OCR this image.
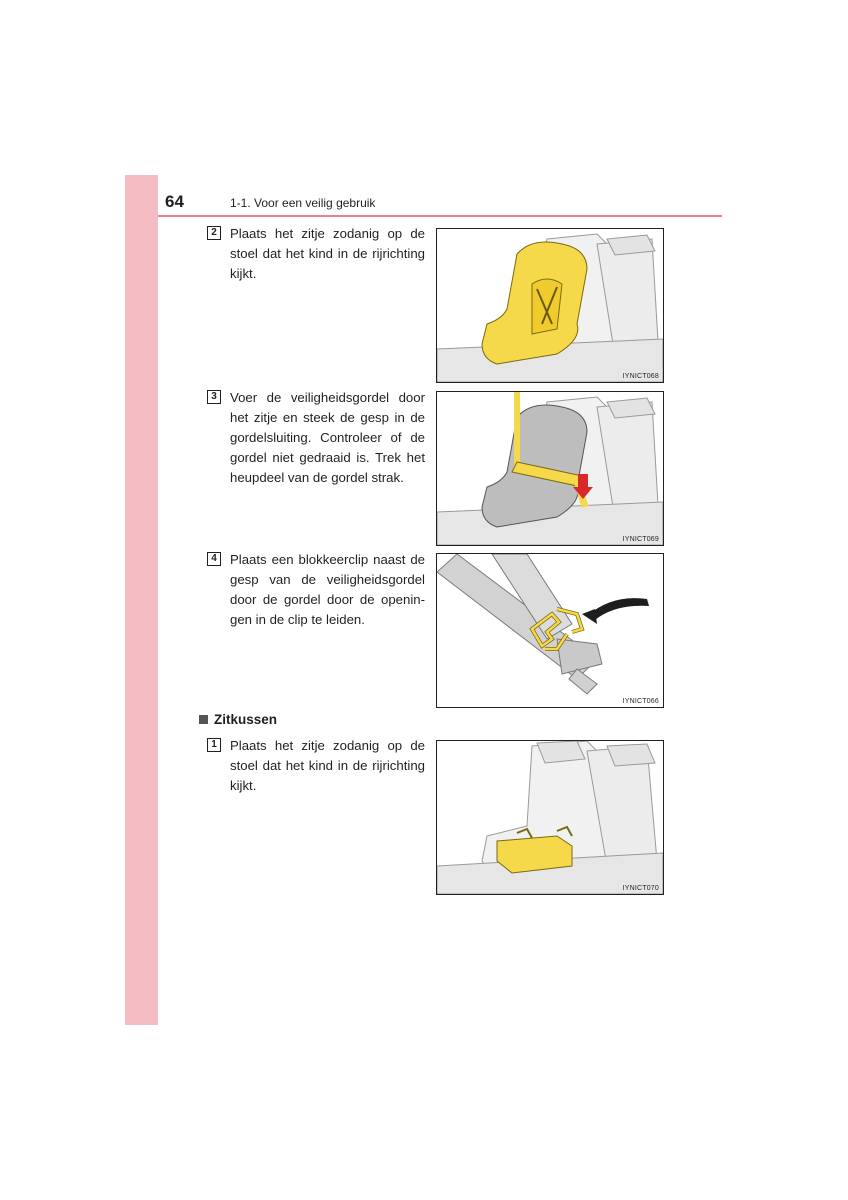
64	1-1. Voor een veilig gebruik
2	Plaats het zitje zodanig op de stoel dat het kind in de rijrichting kijkt.
IYNICT068
3	Voer de veiligheidsgordel door het zitje en steek de gesp in de gordelsluiting. Controleer of de gordel niet gedraaid is. Trek het heupdeel van de gordel strak.
IYNICT069
4	Plaats een blokkeerclip naast de gesp van de veiligheidsgordel door de gordel door de openin-gen in de clip te leiden.
IYNICT066
Zitkussen
1	Plaats het zitje zodanig op de stoel dat het kind in de rijrichting kijkt.
IYNICT070
